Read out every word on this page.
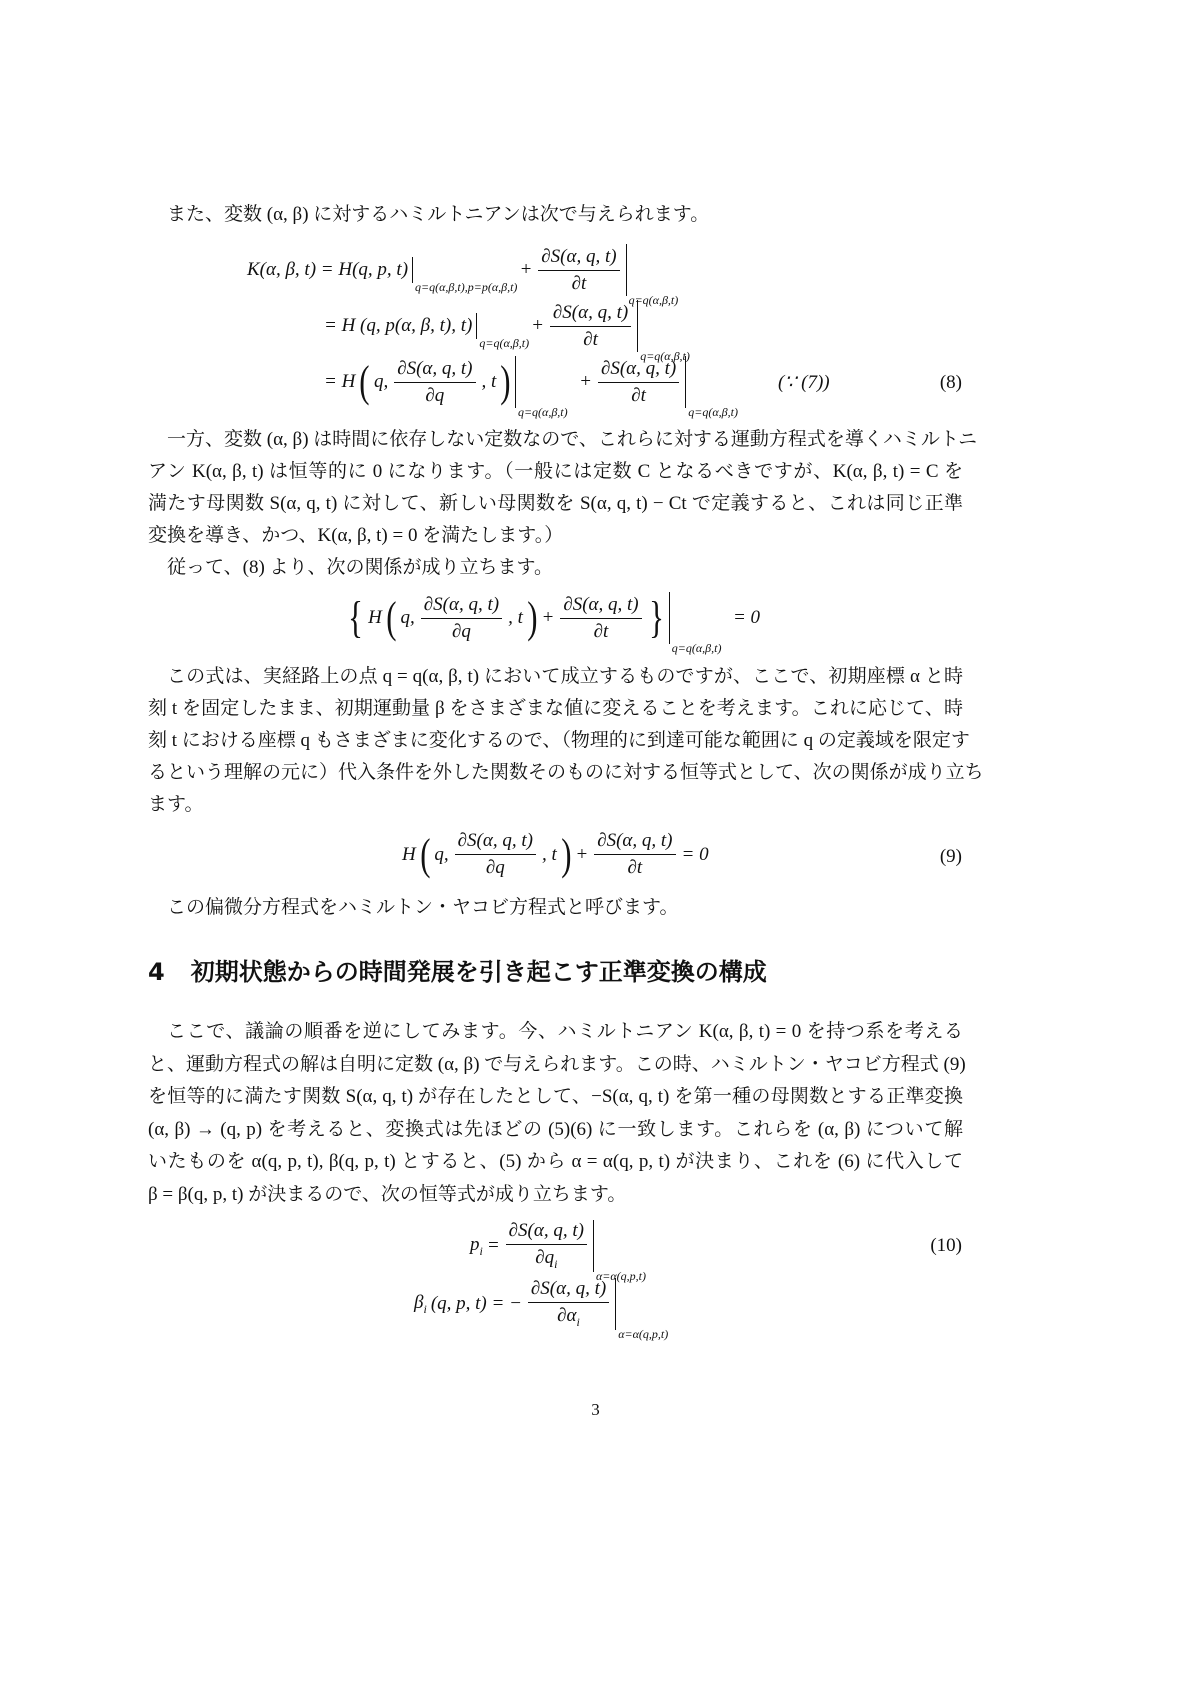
また、変数 (α, β) に対するハミルトニアンは次で与えられます。
K(α, β, t) = H(q, p, t)
q=q(α,β,t),p=p(α,β,t)
+ $\frac{\partial S(\alpha, q, t)}{\partial t}$
q=q(α,β,t)
= H (q, p(α, β, t), t)
q=q(α,β,t)
+ $\frac{\partial S(\alpha, q, t)}{\partial t}$
q=q(α,β,t)
= H ( q, $\frac{\partial S(\alpha, q, t)}{\partial q}$ , t )
q=q(α,β,t)
+ $\frac{\partial S(\alpha, q, t)}{\partial t}$
q=q(α,β,t)
(∵ (7))	(8)
一方、変数 (α, β) は時間に依存しない定数なので、これらに対する運動方程式を導くハミルトニ
アン K(α, β, t) は恒等的に 0 になります。（一般には定数 C となるべきですが、K(α, β, t) = C を
満たす母関数 S(α, q, t) に対して、新しい母関数を S(α, q, t) − Ct で定義すると、これは同じ正準
変換を導き、かつ、K(α, β, t) = 0 を満たします。）
従って、(8) より、次の関係が成り立ちます。
{ H ( q, $\frac{\partial S(\alpha, q, t)}{\partial q}$ , t ) + $\frac{\partial S(\alpha, q, t)}{\partial t}$ }
q=q(α,β,t)
= 0
この式は、実経路上の点 q = q(α, β, t) において成立するものですが、ここで、初期座標 α と時
刻 t を固定したまま、初期運動量 β をさまざまな値に変えることを考えます。これに応じて、時
刻 t における座標 q もさまざまに変化するので、（物理的に到達可能な範囲に q の定義域を限定す
るという理解の元に）代入条件を外した関数そのものに対する恒等式として、次の関係が成り立ち
ます。
H ( q, $\frac{\partial S(\alpha, q, t)}{\partial q}$ , t ) + $\frac{\partial S(\alpha, q, t)}{\partial t} = 0$	(9)
この偏微分方程式をハミルトン・ヤコビ方程式と呼びます。
4 初期状態からの時間発展を引き起こす正準変換の構成
ここで、議論の順番を逆にしてみます。今、ハミルトニアン K(α, β, t) = 0 を持つ系を考える
と、運動方程式の解は自明に定数 (α, β) で与えられます。この時、ハミルトン・ヤコビ方程式 (9)
を恒等的に満たす関数 S(α, q, t) が存在したとして、−S(α, q, t) を第一種の母関数とする正準変換
(α, β) → (q, p) を考えると、変換式は先ほどの (5)(6) に一致します。これらを (α, β) について解
いたものを α(q, p, t), β(q, p, t) とすると、(5) から α = α(q, p, t) が決まり、これを (6) に代入して
β = β(q, p, t) が決まるので、次の恒等式が成り立ちます。
$p_i = \frac{\partial S(\alpha, q, t)}{\partial q_i}$
α=α(q,p,t)
$\beta_i$ (q, p, t) = − $\frac{\partial S(\alpha, q, t)}{\partial\alpha_i}$
α=α(q,p,t)
(10)
3
